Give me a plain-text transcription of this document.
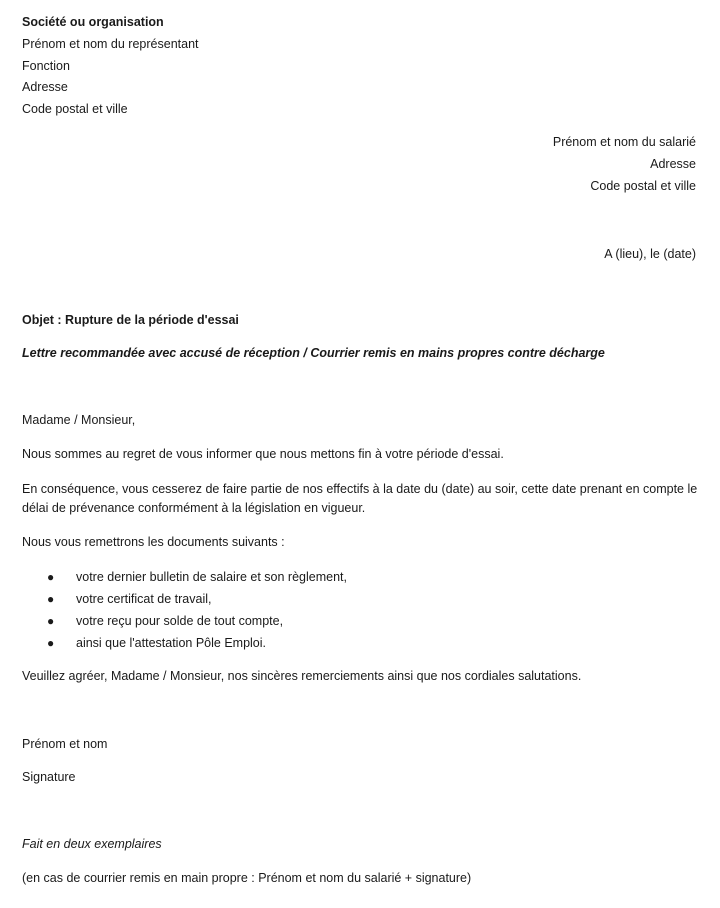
Société ou organisation
Prénom et nom du représentant
Fonction
Adresse
Code postal et ville
Prénom et nom du salarié
Adresse
Code postal et ville
A (lieu), le (date)
Objet : Rupture de la période d'essai
Lettre recommandée avec accusé de réception / Courrier remis en mains propres contre décharge
Madame / Monsieur,
Nous sommes au regret de vous informer que nous mettons fin à votre période d'essai.
En conséquence, vous cesserez de faire partie de nos effectifs à la date du (date) au soir, cette date prenant en compte le délai de prévenance conformément à la législation en vigueur.
Nous vous remettrons les documents suivants :
● votre dernier bulletin de salaire et son règlement,
● votre certificat de travail,
● votre reçu pour solde de tout compte,
● ainsi que l'attestation Pôle Emploi.
Veuillez agréer, Madame / Monsieur, nos sincères remerciements ainsi que nos cordiales salutations.
Prénom et nom
Signature
Fait en deux exemplaires
(en cas de courrier remis en main propre : Prénom et nom du salarié + signature)
